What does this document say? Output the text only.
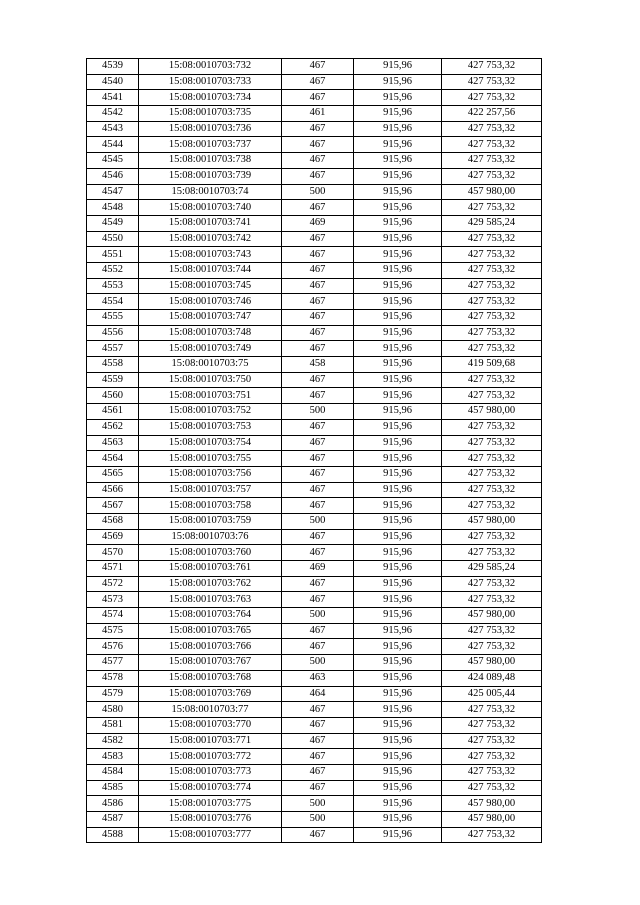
4539	15:08:0010703:732	467	915,96	427 753,32
4540	15:08:0010703:733	467	915,96	427 753,32
4541	15:08:0010703:734	467	915,96	427 753,32
4542	15:08:0010703:735	461	915,96	422 257,56
4543	15:08:0010703:736	467	915,96	427 753,32
4544	15:08:0010703:737	467	915,96	427 753,32
4545	15:08:0010703:738	467	915,96	427 753,32
4546	15:08:0010703:739	467	915,96	427 753,32
4547	15:08:0010703:74	500	915,96	457 980,00
4548	15:08:0010703:740	467	915,96	427 753,32
4549	15:08:0010703:741	469	915,96	429 585,24
4550	15:08:0010703:742	467	915,96	427 753,32
4551	15:08:0010703:743	467	915,96	427 753,32
4552	15:08:0010703:744	467	915,96	427 753,32
4553	15:08:0010703:745	467	915,96	427 753,32
4554	15:08:0010703:746	467	915,96	427 753,32
4555	15:08:0010703:747	467	915,96	427 753,32
4556	15:08:0010703:748	467	915,96	427 753,32
4557	15:08:0010703:749	467	915,96	427 753,32
4558	15:08:0010703:75	458	915,96	419 509,68
4559	15:08:0010703:750	467	915,96	427 753,32
4560	15:08:0010703:751	467	915,96	427 753,32
4561	15:08:0010703:752	500	915,96	457 980,00
4562	15:08:0010703:753	467	915,96	427 753,32
4563	15:08:0010703:754	467	915,96	427 753,32
4564	15:08:0010703:755	467	915,96	427 753,32
4565	15:08:0010703:756	467	915,96	427 753,32
4566	15:08:0010703:757	467	915,96	427 753,32
4567	15:08:0010703:758	467	915,96	427 753,32
4568	15:08:0010703:759	500	915,96	457 980,00
4569	15:08:0010703:76	467	915,96	427 753,32
4570	15:08:0010703:760	467	915,96	427 753,32
4571	15:08:0010703:761	469	915,96	429 585,24
4572	15:08:0010703:762	467	915,96	427 753,32
4573	15:08:0010703:763	467	915,96	427 753,32
4574	15:08:0010703:764	500	915,96	457 980,00
4575	15:08:0010703:765	467	915,96	427 753,32
4576	15:08:0010703:766	467	915,96	427 753,32
4577	15:08:0010703:767	500	915,96	457 980,00
4578	15:08:0010703:768	463	915,96	424 089,48
4579	15:08:0010703:769	464	915,96	425 005,44
4580	15:08:0010703:77	467	915,96	427 753,32
4581	15:08:0010703:770	467	915,96	427 753,32
4582	15:08:0010703:771	467	915,96	427 753,32
4583	15:08:0010703:772	467	915,96	427 753,32
4584	15:08:0010703:773	467	915,96	427 753,32
4585	15:08:0010703:774	467	915,96	427 753,32
4586	15:08:0010703:775	500	915,96	457 980,00
4587	15:08:0010703:776	500	915,96	457 980,00
4588	15:08:0010703:777	467	915,96	427 753,32
